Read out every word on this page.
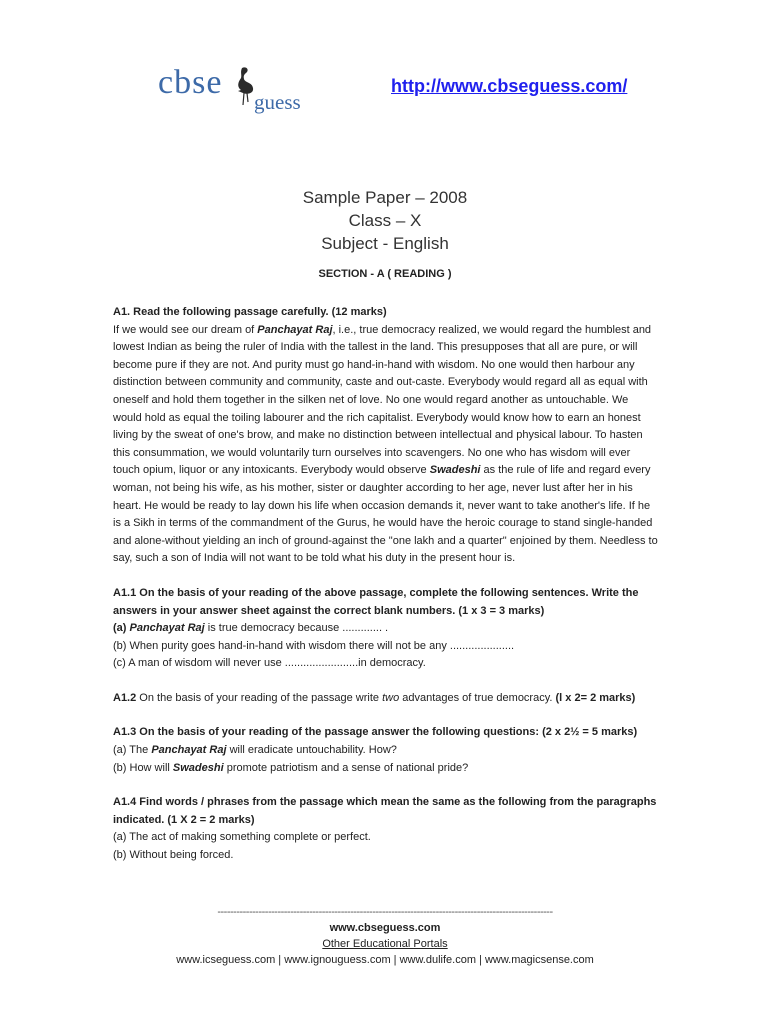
cbse
guess
http://www.cbseguess.com/
Sample Paper – 2008
Class – X
Subject - English
SECTION - A ( READING )

A1. Read the following passage carefully. (12 marks)

If we would see our dream of Panchayat Raj, i.e., true democracy realized, we would regard the humblest and lowest Indian as being the ruler of India with the tallest in the land. This presupposes that all are pure, or will become pure if they are not. And purity must go hand-in-hand with wisdom. No one would then harbour any distinction between community and community, caste and out-caste. Everybody would regard all as equal with oneself and hold them together in the silken net of love. No one would regard another as untouchable. We would hold as equal the toiling labourer and the rich capitalist. Everybody would know how to earn an honest living by the sweat of one's brow, and make no distinction between intellectual and physical labour. To hasten this consummation, we would voluntarily turn ourselves into scavengers. No one who has wisdom will ever touch opium, liquor or any intoxicants. Everybody would observe Swadeshi as the rule of life and regard every woman, not being his wife, as his mother, sister or daughter according to her age, never lust after her in his heart. He would be ready to lay down his life when occasion demands it, never want to take another's life. If he is a Sikh in terms of the commandment of the Gurus, he would have the heroic courage to stand single-handed and alone-without yielding an inch of ground-against the "one lakh and a quarter" enjoined by them. Needless to say, such a son of India will not want to be told what his duty in the present hour is.

A1.1 On the basis of your reading of the above passage, complete the following sentences. Write the answers in your answer sheet against the correct blank numbers. (1 x 3 = 3 marks)

(a) Panchayat Raj is true democracy because ............. .

(b) When purity goes hand-in-hand with wisdom there will not be any .....................

(c) A man of wisdom will never use ........................in democracy.

A1.2 On the basis of your reading of the passage write two advantages of true democracy. (l x 2= 2 marks)

A1.3 On the basis of your reading of the passage answer the following questions: (2 x 2½ = 5 marks)

(a) The Panchayat Raj will eradicate untouchability. How?

(b) How will Swadeshi promote patriotism and a sense of national pride?

A1.4 Find words / phrases from the passage which mean the same as the following from the paragraphs indicated. (1 X 2 = 2 marks)

(a) The act of making something complete or perfect.

(b) Without being forced.

----------------------------------------------------------------------------------------------------------
www.cbseguess.com
Other Educational Portals
www.icseguess.com | www.ignouguess.com | www.dulife.com | www.magicsense.com
